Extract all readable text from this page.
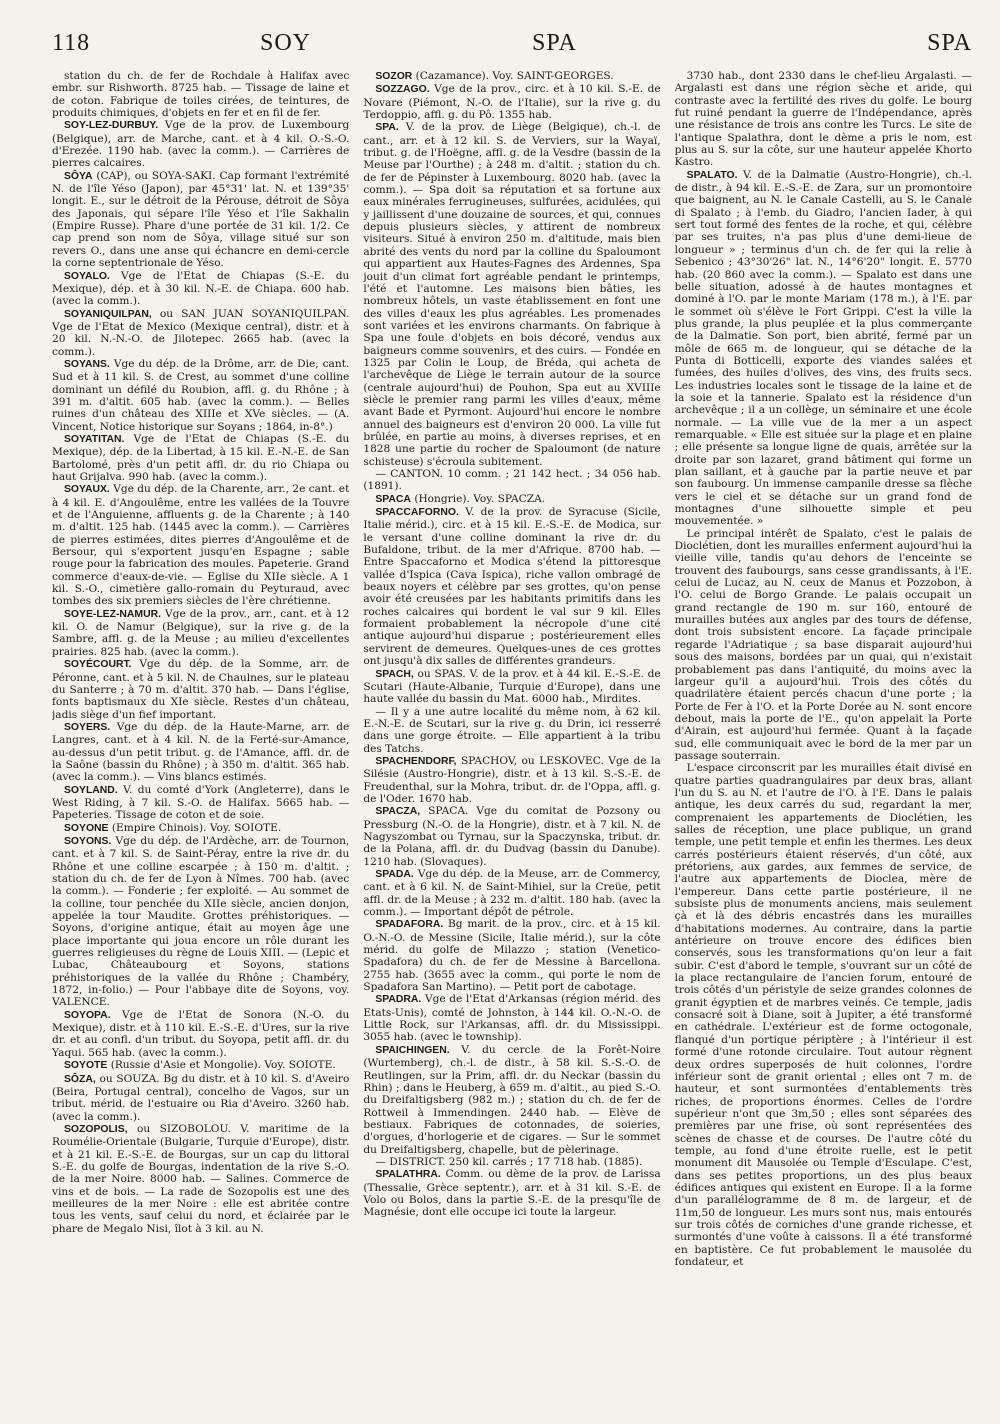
118	SOY	SPA	SPA

station du ch. de fer de Rochdale à Halifax avec embr. sur Rishworth. 8725 hab. — Tissage de laine et de coton. Fabrique de toiles cirées, de teintures, de produits chimiques, d'objets en fer et en fil de fer.

SOY-LEZ-DURBUY. Vge de la prov. de Luxembourg (Belgique), arr. de Marche, cant. et à 4 kil. O.-S.-O. d'Erezée. 1190 hab. (avec la comm.). — Carrières de pierres calcaires.

SÔYA (CAP), ou SOYA-SAKI. Cap formant l'extrémité N. de l'île Yéso (Japon), par 45°31' lat. N. et 139°35' longit. E., sur le détroit de la Pérouse, détroit de Sôya des Japonais, qui sépare l'île Yéso et l'île Sakhalin (Empire Russe). Phare d'une portée de 31 kil. 1/2. Ce cap prend son nom de Sôya, village situé sur son revers O., dans une anse qui échancre en demi-cercle la corne septentrionale de Yéso.

SOYALO. Vge de l'Etat de Chiapas (S.-E. du Mexique), dép. et à 30 kil. N.-E. de Chiapa. 600 hab. (avec la comm.).

SOYANIQUILPAN, ou SAN JUAN SOYANIQUILPAN. Vge de l'Etat de Mexico (Mexique central), distr. et à 20 kil. N.-N.-O. de Jilotepec. 2665 hab. (avec la comm.).

SOYANS. Vge du dép. de la Drôme, arr. de Die, cant. Sud et à 11 kil. S. de Crest, au sommet d'une colline dominant un défilé du Roubion, affl. g. du Rhône ; à 391 m. d'altit. 605 hab. (avec la comm.). — Belles ruines d'un château des XIIIe et XVe siècles. — (A. Vincent, Notice historique sur Soyans ; 1864, in-8°.)

SOYATITAN. Vge de l'Etat de Chiapas (S.-E. du Mexique), dép. de la Libertad, à 15 kil. E.-N.-E. de San Bartolomé, près d'un petit affl. dr. du rio Chiapa ou haut Grijalva. 990 hab. (avec la comm.).

SOYAUX. Vge du dép. de la Charente, arr., 2e cant. et à 4 kil. E. d'Angoulême, entre les vallées de la Touvre et de l'Anguienne, affluents g. de la Charente ; à 140 m. d'altit. 125 hab. (1445 avec la comm.). — Carrières de pierres estimées, dites pierres d'Angoulême et de Bersour, qui s'exportent jusqu'en Espagne ; sable rouge pour la fabrication des moules. Papeterie. Grand commerce d'eaux-de-vie. — Eglise du XIIe siècle. A 1 kil. S.-O., cimetière gallo-romain du Peyturaud, avec tombes des six premiers siècles de l'ère chrétienne.

SOYE-LEZ-NAMUR. Vge de la prov., arr., cant. et à 12 kil. O. de Namur (Belgique), sur la rive g. de la Sambre, affl. g. de la Meuse ; au milieu d'excellentes prairies. 825 hab. (avec la comm.).

SOYÉCOURT. Vge du dép. de la Somme, arr. de Péronne, cant. et à 5 kil. N. de Chaulnes, sur le plateau du Santerre ; à 70 m. d'altit. 370 hab. — Dans l'église, fonts baptismaux du XIe siècle. Restes d'un château, jadis siège d'un fief important.

SOYERS. Vge du dép. de la Haute-Marne, arr. de Langres, cant. et à 4 kil. N. de la Ferté-sur-Amance, au-dessus d'un petit tribut. g. de l'Amance, affl. dr. de la Saône (bassin du Rhône) ; à 350 m. d'altit. 365 hab. (avec la comm.). — Vins blancs estimés.

SOYLAND. V. du comté d'York (Angleterre), dans le West Riding, à 7 kil. S.-O. de Halifax. 5665 hab. — Papeteries. Tissage de coton et de soie.

SOYONE (Empire Chinois). Voy. SOIOTE.

SOYONS. Vge du dép. de l'Ardèche, arr. de Tournon, cant. et à 7 kil. S. de Saint-Péray, entre la rive dr. du Rhône et une colline escarpée ; à 150 m. d'altit. ; station du ch. de fer de Lyon à Nîmes. 700 hab. (avec la comm.). — Fonderie ; fer exploité. — Au sommet de la colline, tour penchée du XIIe siècle, ancien donjon, appelée la tour Maudite. Grottes préhistoriques. — Soyons, d'origine antique, était au moyen âge une place importante qui joua encore un rôle durant les guerres religieuses du règne de Louis XIII. — (Lepic et Lubac, Châteaubourg et Soyons, stations préhistoriques de la vallée du Rhône ; Chambéry, 1872, in-folio.) — Pour l'abbaye dite de Soyons, voy. VALENCE.

SOYOPA. Vge de l'Etat de Sonora (N.-O. du Mexique), distr. et à 110 kil. E.-S.-E. d'Ures, sur la rive dr. et au confl. d'un tribut. du Soyopa, petit affl. dr. du Yaqui. 565 hab. (avec la comm.).

SOYOTE (Russie d'Asie et Mongolie). Voy. SOIOTE.

SÔZA, ou SOUZA. Bg du distr. et à 10 kil. S. d'Aveiro (Beira, Portugal central), concelho de Vagos, sur un tribut. mérid. de l'estuaire ou Ria d'Aveiro. 3260 hab. (avec la comm.).

SOZOPOLIS, ou SIZOBOLOU. V. maritime de la Roumélie-Orientale (Bulgarie, Turquie d'Europe), distr. et à 21 kil. E.-S.-E. de Bourgas, sur un cap du littoral S.-E. du golfe de Bourgas, indentation de la rive S.-O. de la mer Noire. 8000 hab. — Salines. Commerce de vins et de bois. — La rade de Sozopolis est une des meilleures de la mer Noire : elle est abritée contre tous les vents, sauf celui du nord, et éclairée par le phare de Megalo Nisi, îlot à 3 kil. au N.

SOZOR (Cazamance). Voy. SAINT-GEORGES.

SOZZAGO. Vge de la prov., circ. et à 10 kil. S.-E. de Novare (Piémont, N.-O. de l'Italie), sur la rive g. du Terdoppio, affl. g. du Pô. 1355 hab.

SPA. V. de la prov. de Liège (Belgique), ch.-l. de cant., arr. et à 12 kil. S. de Verviers, sur la Wayaï, tribut. g. de l'Hoëgne, affl. g. de la Vesdre (bassin de la Meuse par l'Ourthe) ; à 248 m. d'altit. ; station du ch. de fer de Pépinster à Luxembourg. 8020 hab. (avec la comm.). — Spa doit sa réputation et sa fortune aux eaux minérales ferrugineuses, sulfurées, acidulées, qui y jaillissent d'une douzaine de sources, et qui, connues depuis plusieurs siècles, y attirent de nombreux visiteurs. Situé à environ 250 m. d'altitude, mais bien abrité des vents du nord par la colline du Spaloumont qui appartient aux Hautes-Fagnes des Ardennes, Spa jouit d'un climat fort agréable pendant le printemps, l'été et l'automne. Les maisons bien bâties, les nombreux hôtels, un vaste établissement en font une des villes d'eaux les plus agréables. Les promenades sont variées et les environs charmants. On fabrique à Spa une foule d'objets en bois décoré, vendus aux baigneurs comme souvenirs, et des cuirs. — Fondée en 1325 par Colin le Loup, de Bréda, qui acheta de l'archevêque de Liège le terrain autour de la source (centrale aujourd'hui) de Pouhon, Spa eut au XVIIIe siècle le premier rang parmi les villes d'eaux, même avant Bade et Pyrmont. Aujourd'hui encore le nombre annuel des baigneurs est d'environ 20 000. La ville fut brûlée, en partie au moins, à diverses reprises, et en 1828 une partie du rocher de Spaloumont (de nature schisteuse) s'écroula subitement.

— CANTON. 10 comm. ; 21 142 hect. ; 34 056 hab. (1891).

SPACA (Hongrie). Voy. SPACZA.

SPACCAFORNO. V. de la prov. de Syracuse (Sicile, Italie mérid.), circ. et à 15 kil. E.-S.-E. de Modica, sur le versant d'une colline dominant la rive dr. du Bufaldone, tribut. de la mer d'Afrique. 8700 hab. — Entre Spaccaforno et Modica s'étend la pittoresque vallée d'Ispica (Cava Ispica), riche vallon ombragé de beaux noyers et célèbre par ses grottes, qu'on pense avoir été creusées par les habitants primitifs dans les roches calcaires qui bordent le val sur 9 kil. Elles formaient probablement la nécropole d'une cité antique aujourd'hui disparue ; postérieurement elles servirent de demeures. Quelques-unes de ces grottes ont jusqu'à dix salles de différentes grandeurs.

SPACH, ou SPAS. V. de la prov. et à 44 kil. E.-S.-E. de Scutari (Haute-Albanie, Turquie d'Europe), dans une haute vallée du bassin du Mat. 6000 hab., Mirdites.

— Il y a une autre localité du même nom, à 62 kil. E.-N.-E. de Scutari, sur la rive g. du Drin, ici resserré dans une gorge étroite. — Elle appartient à la tribu des Tatchs.

SPACHENDORF, SPACHOV, ou LESKOVEC. Vge de la Silésie (Austro-Hongrie), distr. et à 13 kil. S.-S.-E. de Freudenthal, sur la Mohra, tribut. dr. de l'Oppa, affl. g. de l'Oder. 1670 hab.

SPACZA, SPACA. Vge du comitat de Pozsony ou Pressburg (N.-O. de la Hongrie), distr. et à 7 kil. N. de Nagyszombat ou Tyrnau, sur la Spaczynska, tribut. dr. de la Polana, affl. dr. du Dudvag (bassin du Danube). 1210 hab. (Slovaques).

SPADA. Vge du dép. de la Meuse, arr. de Commercy, cant. et à 6 kil. N. de Saint-Mihiel, sur la Creüe, petit affl. dr. de la Meuse ; à 232 m. d'altit. 180 hab. (avec la comm.). — Important dépôt de pétrole.

SPADAFORA. Bg marit. de la prov., circ. et à 15 kil. O.-N.-O. de Messine (Sicile, Italie mérid.), sur la côte mérid. du golfe de Milazzo ; station (Venetico-Spadafora) du ch. de fer de Messine à Barcellona. 2755 hab. (3655 avec la comm., qui porte le nom de Spadafora San Martino). — Petit port de cabotage.

SPADRA. Vge de l'Etat d'Arkansas (région mérid. des Etats-Unis), comté de Johnston, à 144 kil. O.-N.-O. de Little Rock, sur l'Arkansas, affl. dr. du Mississippi. 3055 hab. (avec le township).

SPAICHINGEN. V. du cercle de la Forêt-Noire (Wurtemberg), ch.-l. de distr., à 58 kil. S.-S.-O. de Reutlingen, sur la Prim, affl. dr. du Neckar (bassin du Rhin) ; dans le Heuberg, à 659 m. d'altit., au pied S.-O. du Dreifaltigsberg (982 m.) ; station du ch. de fer de Rottweil à Immendingen. 2440 hab. — Elève de bestiaux. Fabriques de cotonnades, de soieries, d'orgues, d'horlogerie et de cigares. — Sur le sommet du Dreifaltigsberg, chapelle, but de pèlerinage.

— DISTRICT. 250 kil. carrés ; 17 718 hab. (1885).

SPALATHRA. Comm. ou dème de la prov. de Larissa (Thessalie, Grèce septentr.), arr. et à 31 kil. S.-E. de Volo ou Bolos, dans la partie S.-E. de la presqu'île de Magnésie, dont elle occupe ici toute la largeur.

3730 hab., dont 2330 dans le chef-lieu Argalasti. — Argalasti est dans une région sèche et aride, qui contraste avec la fertilité des rives du golfe. Le bourg fut ruiné pendant la guerre de l'Indépendance, après une résistance de trois ans contre les Turcs. Le site de l'antique Spalathra, dont le dème a pris le nom, est plus au S. sur la côte, sur une hauteur appelée Khorto Kastro.

SPALATO. V. de la Dalmatie (Austro-Hongrie), ch.-l. de distr., à 94 kil. E.-S.-E. de Zara, sur un promontoire que baignent, au N. le Canale Castelli, au S. le Canale di Spalato ; à l'emb. du Giadro, l'ancien Iader, à qui sert tout formé des fentes de la roche, et qui, célèbre par ses truites, n'a pas plus d'une demi-lieue de longueur » ; terminus d'un ch. de fer qui la relie à Sebenico ; 43°30'26" lat. N., 14°6'20" longit. E. 5770 hab. (20 860 avec la comm.). — Spalato est dans une belle situation, adossé à de hautes montagnes et dominé à l'O. par le monte Mariam (178 m.), à l'E. par le sommet où s'élève le Fort Grippi. C'est la ville la plus grande, la plus peuplée et la plus commerçante de la Dalmatie. Son port, bien abrité, fermé par un môle de 665 m. de longueur, qui se détache de la Punta di Botticelli, exporte des viandes salées et fumées, des huiles d'olives, des vins, des fruits secs. Les industries locales sont le tissage de la laine et de la soie et la tannerie. Spalato est la résidence d'un archevêque ; il a un collège, un séminaire et une école normale. — La ville vue de la mer a un aspect remarquable. « Elle est située sur la plage et en plaine ; elle présente sa longue ligne de quais, arrêtée sur la droite par son lazaret, grand bâtiment qui forme un plan saillant, et à gauche par la partie neuve et par son faubourg. Un immense campanile dresse sa flèche vers le ciel et se détache sur un grand fond de montagnes d'une silhouette simple et peu mouvementée. »

Le principal intérêt de Spalato, c'est le palais de Dioclétien, dont les murailles enferment aujourd'hui la vieille ville, tandis qu'au dehors de l'enceinte se trouvent des faubourgs, sans cesse grandissants, à l'E. celui de Lucaz, au N. ceux de Manus et Pozzobon, à l'O. celui de Borgo Grande. Le palais occupait un grand rectangle de 190 m. sur 160, entouré de murailles butées aux angles par des tours de défense, dont trois subsistent encore. La façade principale regarde l'Adriatique ; sa base disparait aujourd'hui sous des maisons, bordées par un quai, qui n'existait probablement pas dans l'antiquité, du moins avec la largeur qu'il a aujourd'hui. Trois des côtés du quadrilatère étaient percés chacun d'une porte ; la Porte de Fer à l'O. et la Porte Dorée au N. sont encore debout, mais la porte de l'E., qu'on appelait la Porte d'Airain, est aujourd'hui fermée. Quant à la façade sud, elle communiquait avec le bord de la mer par un passage souterrain.

L'espace circonscrit par les murailles était divisé en quatre parties quadrangulaires par deux bras, allant l'un du S. au N. et l'autre de l'O. à l'E. Dans le palais antique, les deux carrés du sud, regardant la mer, comprenaient les appartements de Dioclétien, les salles de réception, une place publique, un grand temple, une petit temple et enfin les thermes. Les deux carrés postérieurs étaient réservés, d'un côté, aux prétoriens, aux gardes, aux femmes de service, de l'autre aux appartements de Dioclea, mère de l'empereur. Dans cette partie postérieure, il ne subsiste plus de monuments anciens, mais seulement çà et là des débris encastrés dans les murailles d'habitations modernes. Au contraire, dans la partie antérieure on trouve encore des édifices bien conservés, sous les transformations qu'on leur a fait subir. C'est d'abord le temple, s'ouvrant sur un côté de la place rectangulaire de l'ancien forum, entouré de trois côtés d'un péristyle de seize grandes colonnes de granit égyptien et de marbres veinés. Ce temple, jadis consacré soit à Diane, soit à Jupiter, a été transformé en cathédrale. L'extérieur est de forme octogonale, flanqué d'un portique périptère ; à l'intérieur il est formé d'une rotonde circulaire. Tout autour règnent deux ordres superposés de huit colonnes, l'ordre inférieur sont de granit oriental ; elles ont 7 m. de hauteur, et sont surmontées d'entablements très riches, de proportions énormes. Celles de l'ordre supérieur n'ont que 3m,50 ; elles sont séparées des premières par une frise, où sont représentées des scènes de chasse et de courses. De l'autre côté du temple, au fond d'une étroite ruelle, est le petit monument dit Mausolée ou Temple d'Esculape. C'est, dans ses petites proportions, un des plus beaux édifices antiques qui existent en Europe. Il a la forme d'un parallélogramme de 8 m. de largeur, et de 11m,50 de longueur. Les murs sont nus, mais entourés sur trois côtés de corniches d'une grande richesse, et surmontés d'une voûte à caissons. Il a été transformé en baptistère. Ce fut probablement le mausolée du fondateur, et
